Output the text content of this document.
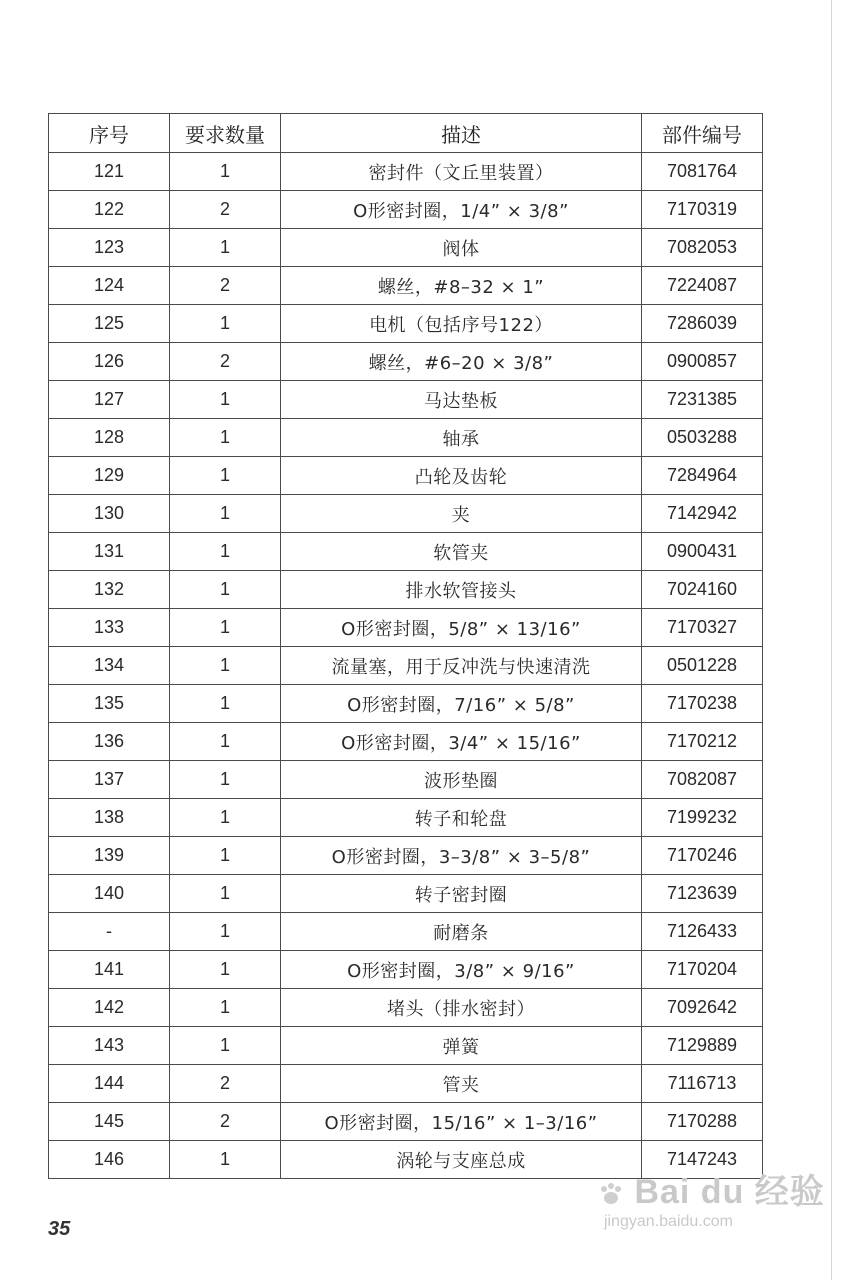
序号	要求数量	描述	部件编号
121	1	密封件（文丘里装置）	7081764
122	2	O形密封圈，1/4” × 3/8”	7170319
123	1	阀体	7082053
124	2	螺丝，#8–32 × 1”	7224087
125	1	电机（包括序号122）	7286039
126	2	螺丝，#6–20 × 3/8”	0900857
127	1	马达垫板	7231385
128	1	轴承	0503288
129	1	凸轮及齿轮	7284964
130	1	夹	7142942
131	1	软管夹	0900431
132	1	排水软管接头	7024160
133	1	O形密封圈，5/8” × 13/16”	7170327
134	1	流量塞，用于反冲洗与快速清洗	0501228
135	1	O形密封圈，7/16” × 5/8”	7170238
136	1	O形密封圈，3/4” × 15/16”	7170212
137	1	波形垫圈	7082087
138	1	转子和轮盘	7199232
139	1	O形密封圈，3–3/8” × 3–5/8”	7170246
140	1	转子密封圈	7123639
-	1	耐磨条	7126433
141	1	O形密封圈，3/8” × 9/16”	7170204
142	1	堵头（排水密封）	7092642
143	1	弹簧	7129889
144	2	管夹	7116713
145	2	O形密封圈，15/16” × 1–3/16”	7170288
146	1	涡轮与支座总成	7147243
35
Bai du 经验
jingyan.baidu.com
